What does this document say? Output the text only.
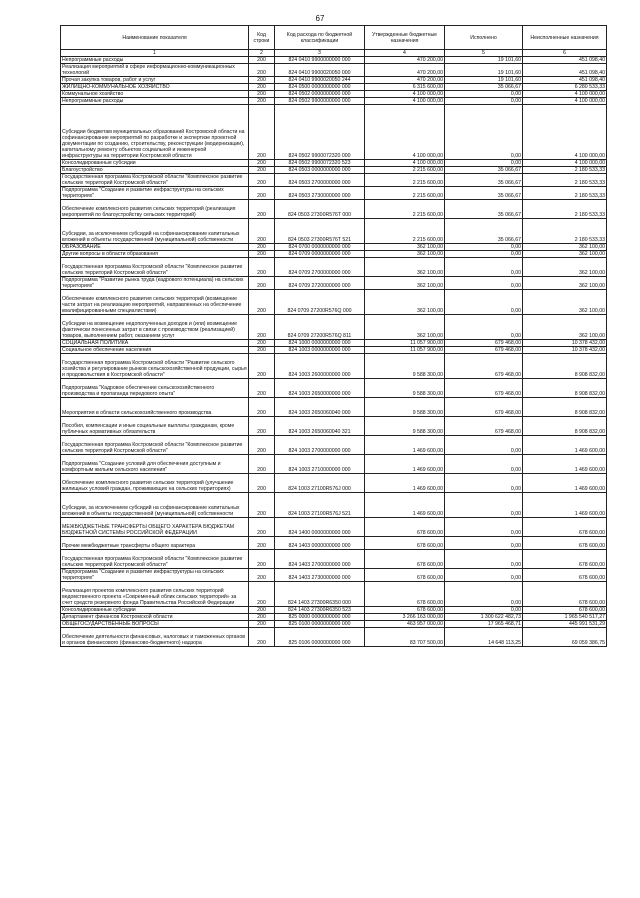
67
Наименование показателя	Код строки	Код расхода по бюджетной классификации	Утвержденные бюджетные назначения	Исполнено	Неисполненные назначения
1	2	3	4	5	6
Непрограммные расходы	200	824 0410 9900000000 000	470 200,00	19 101,60	451 098,40
Реализация мероприятий в сфере информационно-коммуникационных технологий	200	824 0410 9900020050 000	470 200,00	19 101,60	451 098,40
Прочая закупка товаров, работ и услуг	200	824 0410 9900020050 244	470 200,00	19 101,60	451 098,40
ЖИЛИЩНО-КОММУНАЛЬНОЕ ХОЗЯЙСТВО	200	824 0500 0000000000 000	6 315 600,00	35 066,67	6 280 533,33
Коммунальное хозяйство	200	824 0502 0000000000 000	4 100 000,00	0,00	4 100 000,00
Непрограммные расходы	200	824 0502 9900000000 000	4 100 000,00	0,00	4 100 000,00
Субсидии бюджетам муниципальных образований Костромской области на софинансирование мероприятий по разработке и экспертизе проектной документации по созданию, строительству, реконструкции (модернизации), капитальному ремонту объектов социальной и инженерной инфраструктуры на территории Костромской области	200	824 0502 9900072320 000	4 100 000,00	0,00	4 100 000,00
Консолидированные субсидии	200	824 0502 9900072320 523	4 100 000,00	0,00	4 100 000,00
Благоустройство	200	824 0503 0000000000 000	2 215 600,00	35 066,67	2 180 533,33
Государственная программа Костромской области "Комплексное развитие сельских территорий Костромской области"	200	824 0503 2700000000 000	2 215 600,00	35 066,67	2 180 533,33
Подпрограмма "Создание и развитие инфраструктуры на сельских территориях"	200	824 0503 2730000000 000	2 215 600,00	35 066,67	2 180 533,33
Обеспечение комплексного развития сельских территорий (реализация мероприятий по благоустройству сельских территорий)	200	824 0503 27300R576T 000	2 215 600,00	35 066,67	2 180 533,33
Субсидии, за исключением субсидий на софинансирование капитальных вложений в объекты государственной (муниципальной) собственности	200	824 0503 27300R576T 521	2 215 600,00	35 066,67	2 180 533,33
ОБРАЗОВАНИЕ	200	824 0700 0000000000 000	362 100,00	0,00	362 100,00
Другие вопросы в области образования	200	824 0709 0000000000 000	362 100,00	0,00	362 100,00
Государственная программа Костромской области "Комплексное развитие сельских территорий Костромской области"	200	824 0709 2700000000 000	362 100,00	0,00	362 100,00
Подпрограмма "Развитие рынка труда (кадрового потенциала) на сельских территориях"	200	824 0709 2720000000 000	362 100,00	0,00	362 100,00
Обеспечение комплексного развития сельских территорий (возмещение части затрат на реализацию мероприятий, направленных на обеспечение квалифицированными специалистами)	200	824 0709 27200R576Q 000	362 100,00	0,00	362 100,00
Субсидии на возмещение недополученных доходов и (или) возмещение фактически понесенных затрат в связи с производством (реализацией) товаров, выполнением работ, оказанием услуг	200	824 0709 27200R576Q 811	362 100,00	0,00	362 100,00
СОЦИАЛЬНАЯ ПОЛИТИКА	200	824 1000 0000000000 000	11 057 900,00	679 468,00	10 378 432,00
Социальное обеспечение населения	200	824 1003 0000000000 000	11 057 900,00	679 468,00	10 378 432,00
Государственная программа Костромской области "Развитие сельского хозяйства и регулирование рынков сельскохозяйственной продукции, сырья и продовольствия в Костромской области"	200	824 1003 2600000000 000	9 588 300,00	679 468,00	8 908 832,00
Подпрограмма "Кадровое обеспечение сельскохозяйственного производства и пропаганда передового опыта"	200	824 1003 2650000000 000	9 588 300,00	679 468,00	8 908 832,00
Мероприятия в области сельскохозяйственного производства	200	824 1003 2650060040 000	9 588 300,00	679 468,00	8 908 832,00
Пособия, компенсации и иные социальные выплаты гражданам, кроме публичных нормативных обязательств	200	824 1003 2650060040 321	9 588 300,00	679 468,00	8 908 832,00
Государственная программа Костромской области "Комплексное развитие сельских территорий Костромской области"	200	824 1003 2700000000 000	1 469 600,00	0,00	1 469 600,00
Подпрограмма "Создание условий для обеспечения доступным и комфортным жильем сельского населения"	200	824 1003 2710000000 000	1 469 600,00	0,00	1 469 600,00
Обеспечение комплексного развития сельских территорий (улучшение жилищных условий граждан, проживающих на сельских территориях)	200	824 1003 27100R576J 000	1 469 600,00	0,00	1 469 600,00
Субсидии, за исключением субсидий на софинансирование капитальных вложений в объекты государственной (муниципальной) собственности	200	824 1003 27100R576J 521	1 469 600,00	0,00	1 469 600,00
МЕЖБЮДЖЕТНЫЕ ТРАНСФЕРТЫ ОБЩЕГО ХАРАКТЕРА БЮДЖЕТАМ БЮДЖЕТНОЙ СИСТЕМЫ РОССИЙСКОЙ ФЕДЕРАЦИИ	200	824 1400 0000000000 000	678 600,00	0,00	678 600,00
Прочие межбюджетные трансферты общего характера	200	824 1403 0000000000 000	678 600,00	0,00	678 600,00
Государственная программа Костромской области "Комплексное развитие сельских территорий Костромской области"	200	824 1403 2700000000 000	678 600,00	0,00	678 600,00
Подпрограмма "Создание и развитие инфраструктуры на сельских территориях"	200	824 1403 2730000000 000	678 600,00	0,00	678 600,00
Реализация проектов комплексного развития сельских территорий ведомственного проекта «Современный облик сельских территорий» за счет средств резервного фонда Правительства Российской Федерации	200	824 1403 27300R6350 000	678 600,00	0,00	678 600,00
Консолидированные субсидии	200	824 1403 27300R6350 523	678 600,00	0,00	678 600,00
Департамент финансов Костромской области	200	825 0000 0000000000 000	3 266 163 000,00	1 300 622 482,73	1 965 540 517,27
ОБЩЕГОСУДАРСТВЕННЫЕ ВОПРОСЫ	200	825 0100 0000000000 000	463 957 000,00	17 965 468,71	445 991 531,29
Обеспечение деятельности финансовых, налоговых и таможенных органов и органов финансового (финансово-бюджетного) надзора	200	825 0106 0000000000 000	83 707 500,00	14 648 113,25	69 059 386,75
